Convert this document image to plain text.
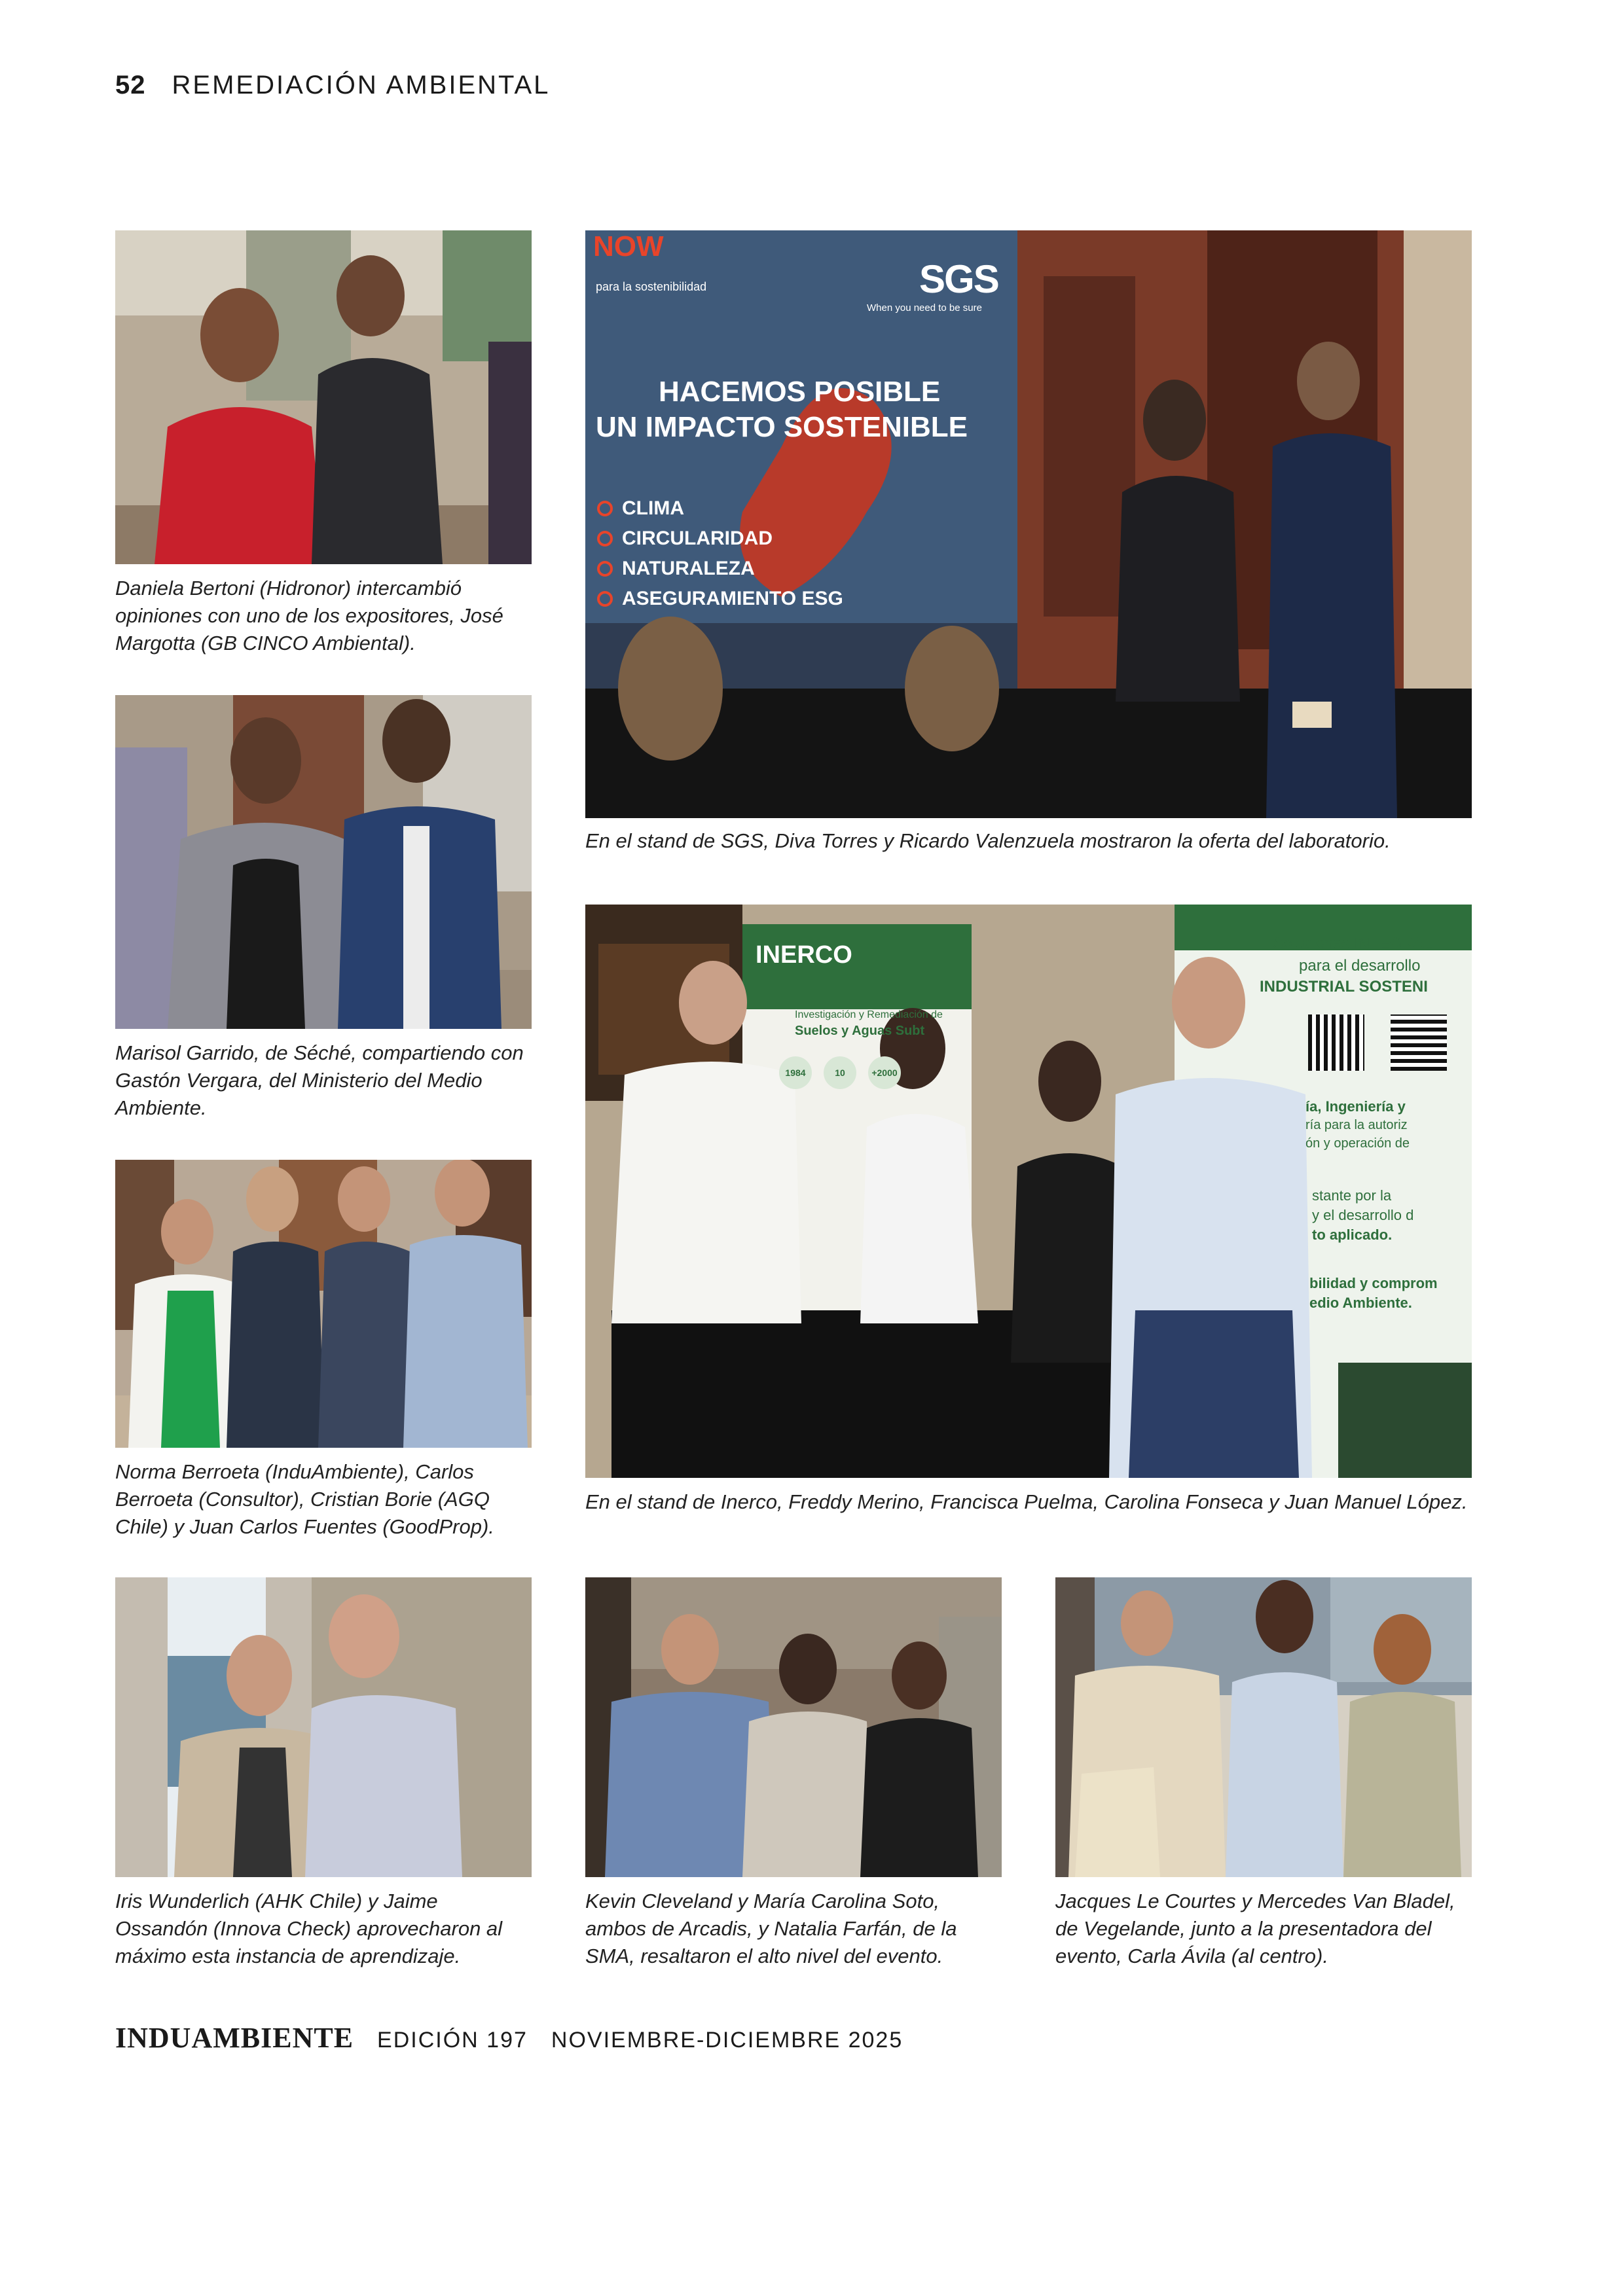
52 REMEDIACIÓN AMBIENTAL
Daniela Bertoni (Hidronor) intercambió opiniones con uno de los expositores, José Margotta (GB CINCO Ambiental).
NOW
para la sostenibilidad	SGS
When you need to be sure
HACEMOS POSIBLE
UN IMPACTO SOSTENIBLE
CLIMA
CIRCULARIDAD
NATURALEZA
ASEGURAMIENTO ESG
En el stand de SGS, Diva Torres y Ricardo Valenzuela mostraron la oferta del laboratorio.
Marisol Garrido, de Séché, compartiendo con Gastón Vergara, del Ministerio del Medio Ambiente.
INERCO
Investigación y Remediación de
Suelos y Aguas Subt
1984	10	+2000
Soluciones INTEGRAL
para el desarrollo
INDUSTRIAL SOSTENI
ía, Ingeniería y
ría para la autoriz
ón y operación de
stante por la
y el desarrollo d
to aplicado.
bilidad y comprom
edio Ambiente.
En el stand de Inerco, Freddy Merino, Francisca Puelma, Carolina Fonseca y Juan Manuel López.
Norma Berroeta (InduAmbiente), Carlos Berroeta (Consultor), Cristian Borie (AGQ Chile) y Juan Carlos Fuentes (GoodProp).
Iris Wunderlich (AHK Chile) y Jaime Ossandón (Innova Check) aprovecharon al máximo esta instancia de aprendizaje.
Kevin Cleveland y María Carolina Soto, ambos de Arcadis, y Natalia Farfán, de la SMA, resaltaron el alto nivel del evento.
Jacques Le Courtes y Mercedes Van Bladel, de Vegelande, junto a la presentadora del evento, Carla Ávila (al centro).
INDUAMBIENTE EDICIÓN 197 NOVIEMBRE-DICIEMBRE 2025
